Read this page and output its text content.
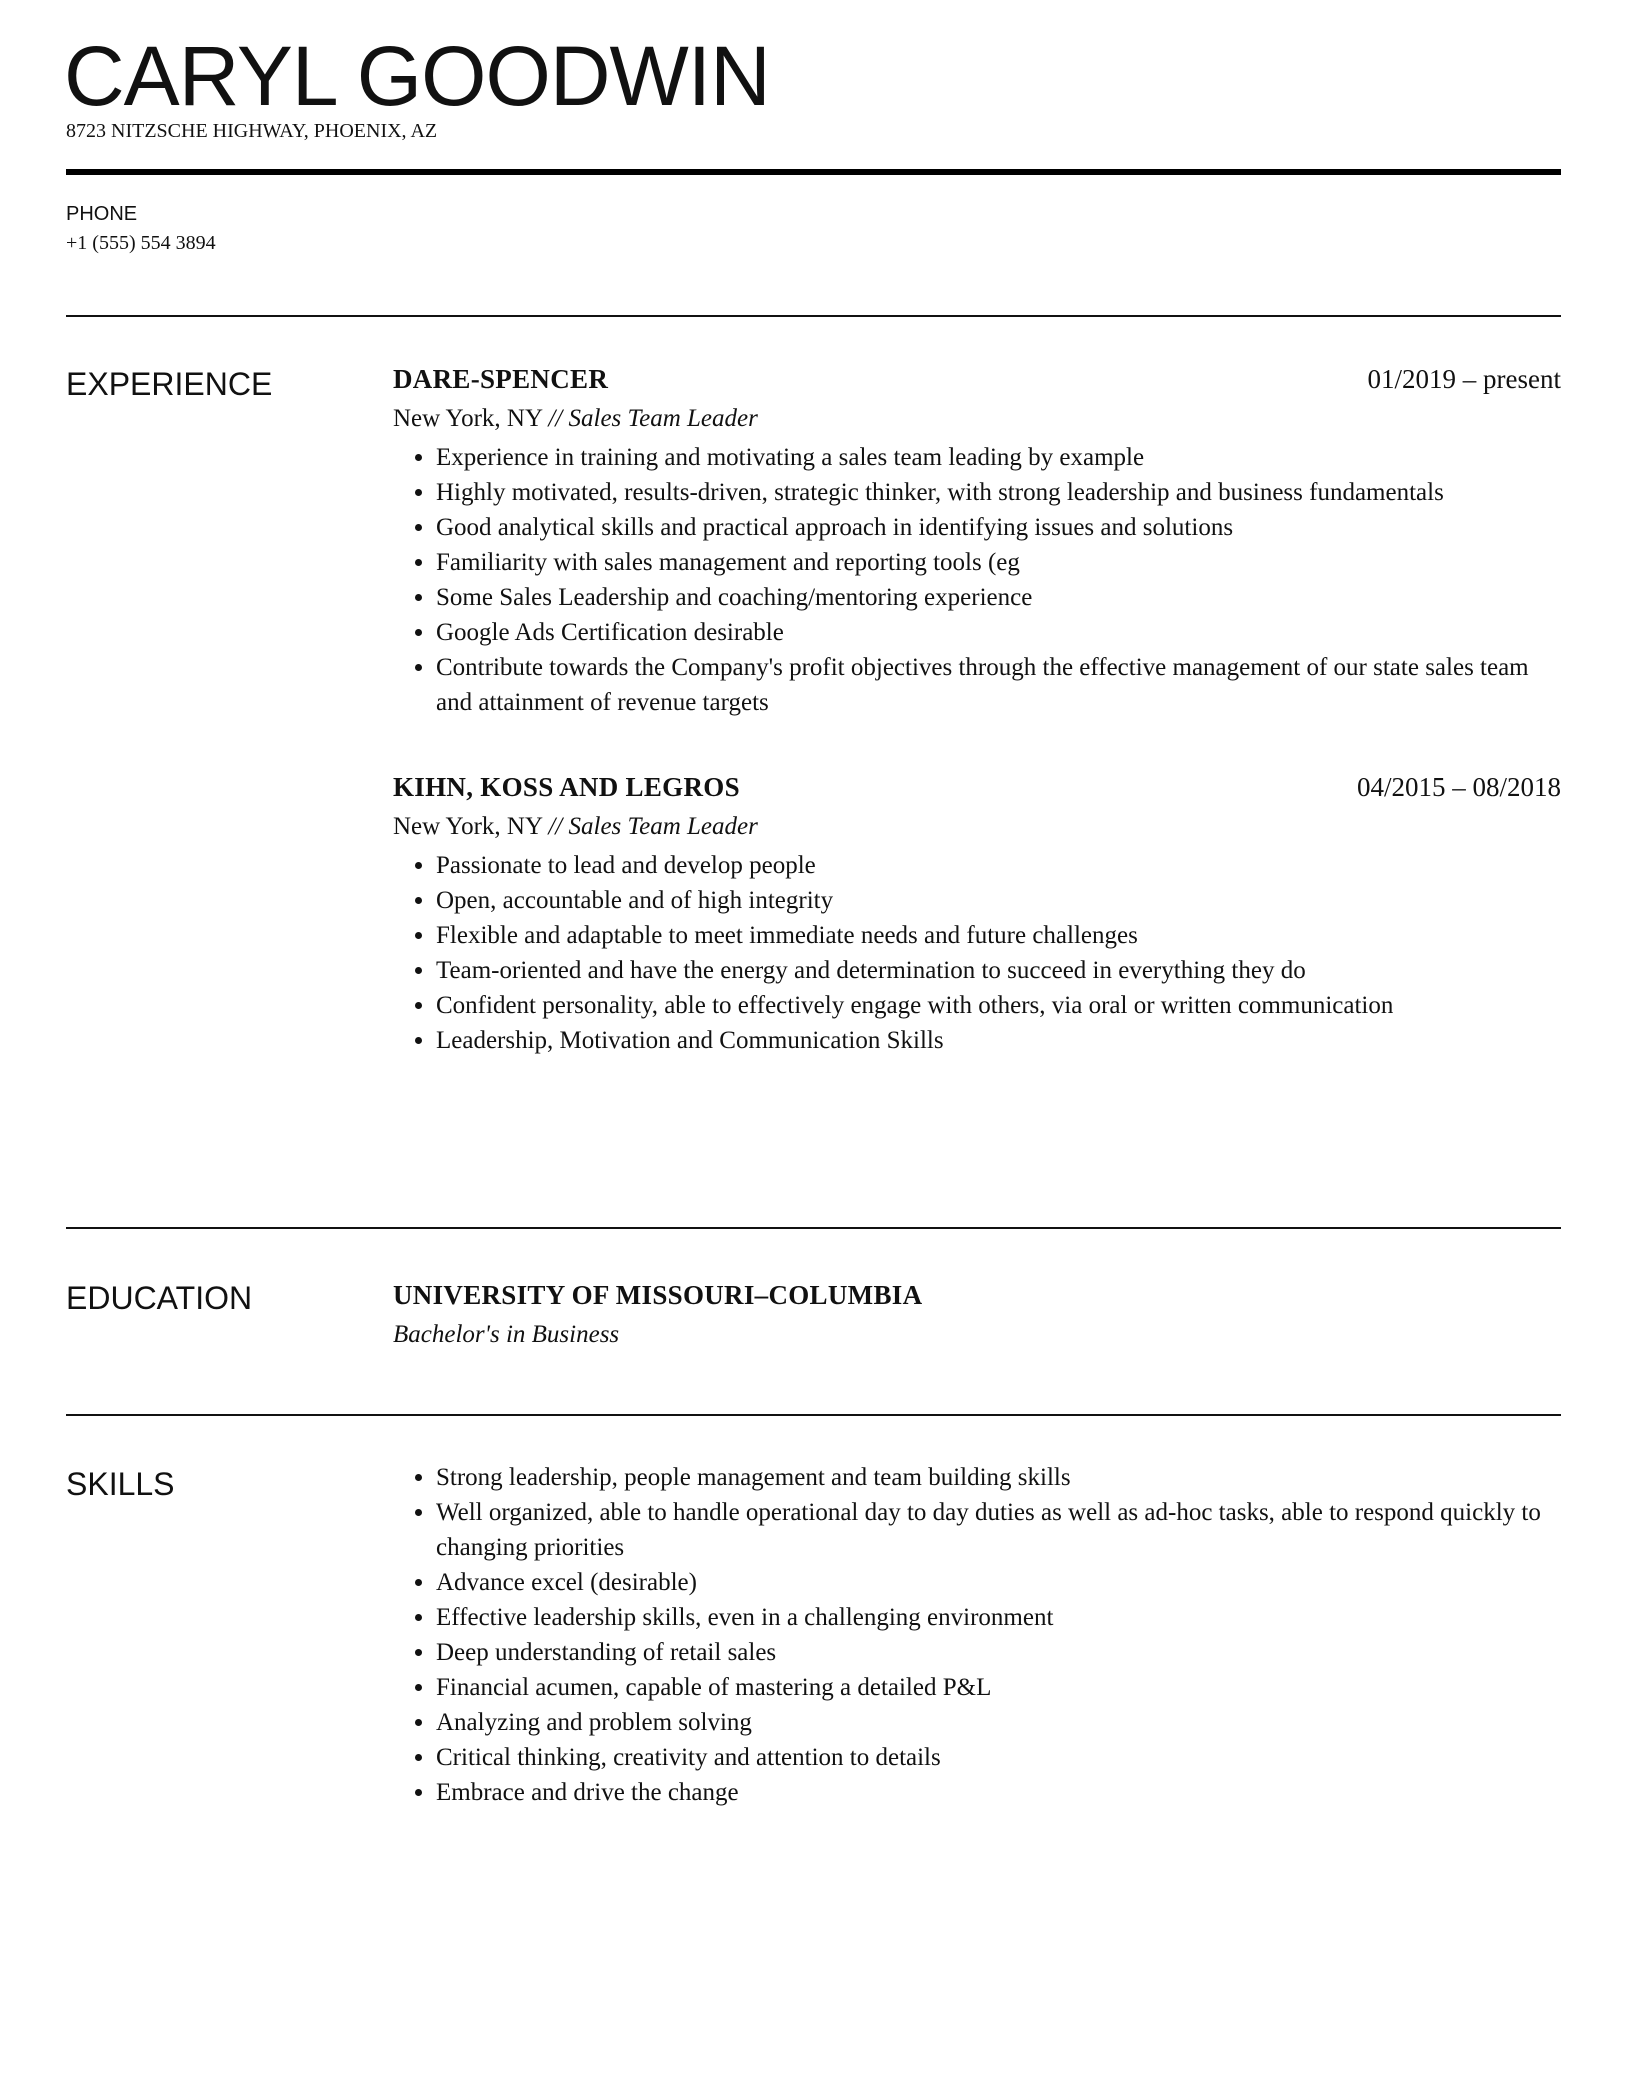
CARYL GOODWIN
8723 NITZSCHE HIGHWAY, PHOENIX, AZ
PHONE
+1 (555) 554 3894
EXPERIENCE	DARE-SPENCER	01/2019 – present
New York, NY // Sales Team Leader
• Experience in training and motivating a sales team leading by example
• Highly motivated, results-driven, strategic thinker, with strong leadership and business fundamentals
• Good analytical skills and practical approach in identifying issues and solutions
• Familiarity with sales management and reporting tools (eg
• Some Sales Leadership and coaching/mentoring experience
• Google Ads Certification desirable
• Contribute towards the Company's profit objectives through the effective management of our state sales team and attainment of revenue targets
KIHN, KOSS AND LEGROS	04/2015 – 08/2018
New York, NY // Sales Team Leader
• Passionate to lead and develop people
• Open, accountable and of high integrity
• Flexible and adaptable to meet immediate needs and future challenges
• Team-oriented and have the energy and determination to succeed in everything they do
• Confident personality, able to effectively engage with others, via oral or written communication
• Leadership, Motivation and Communication Skills
EDUCATION	UNIVERSITY OF MISSOURI–COLUMBIA
Bachelor's in Business
SKILLS	• Strong leadership, people management and team building skills
• Well organized, able to handle operational day to day duties as well as ad-hoc tasks, able to respond quickly to changing priorities
• Advance excel (desirable)
• Effective leadership skills, even in a challenging environment
• Deep understanding of retail sales
• Financial acumen, capable of mastering a detailed P&L
• Analyzing and problem solving
• Critical thinking, creativity and attention to details
• Embrace and drive the change
